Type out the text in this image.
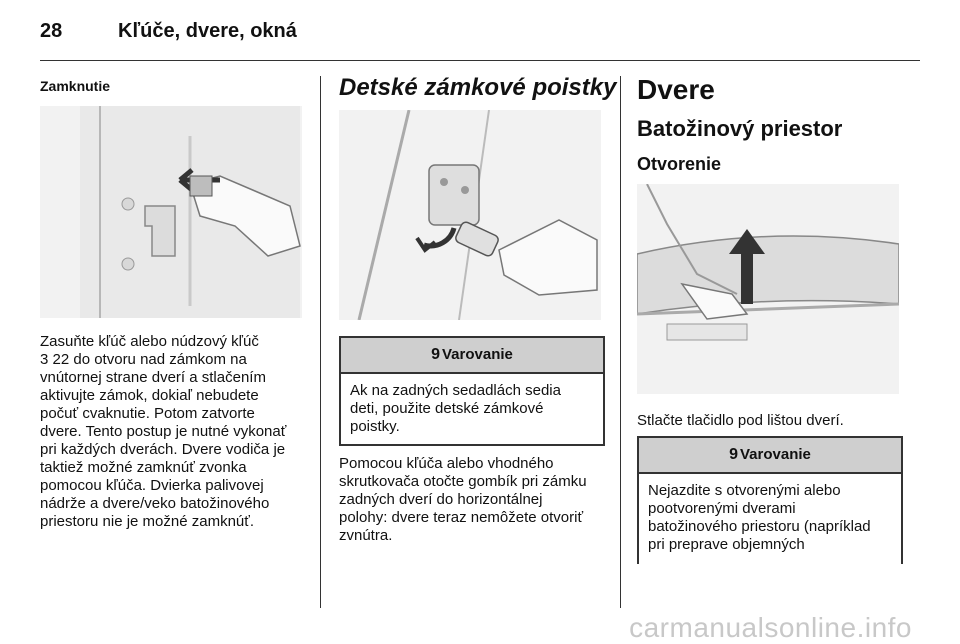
28	Kľúče, dvere, okná
Zamknutie
Zasuňte kľúč alebo núdzový kľúč
3 22 do otvoru nad zámkom na
vnútornej strane dverí a stlačením
aktivujte zámok, dokiaľ nebudete
počuť cvaknutie. Potom zatvorte
dvere. Tento postup je nutné vykonať
pri každých dverách. Dvere vodiča je
taktiež možné zamknúť zvonka
pomocou kľúča. Dvierka palivovej
nádrže a dvere/veko batožinového
priestoru nie je možné zamknúť.
Detské zámkové poistky
9 Varovanie
Ak na zadných sedadlách sedia
deti, použite detské zámkové
poistky.
Pomocou kľúča alebo vhodného
skrutkovača otočte gombík pri zámku
zadných dverí do horizontálnej
polohy: dvere teraz nemôžete otvoriť
zvnútra.
Dvere
Batožinový priestor
Otvorenie
Stlačte tlačidlo pod lištou dverí.
9 Varovanie
Nejazdite s otvorenými alebo
pootvorenými dverami
batožinového priestoru (napríklad
pri preprave objemných
carmanualsonline.info
